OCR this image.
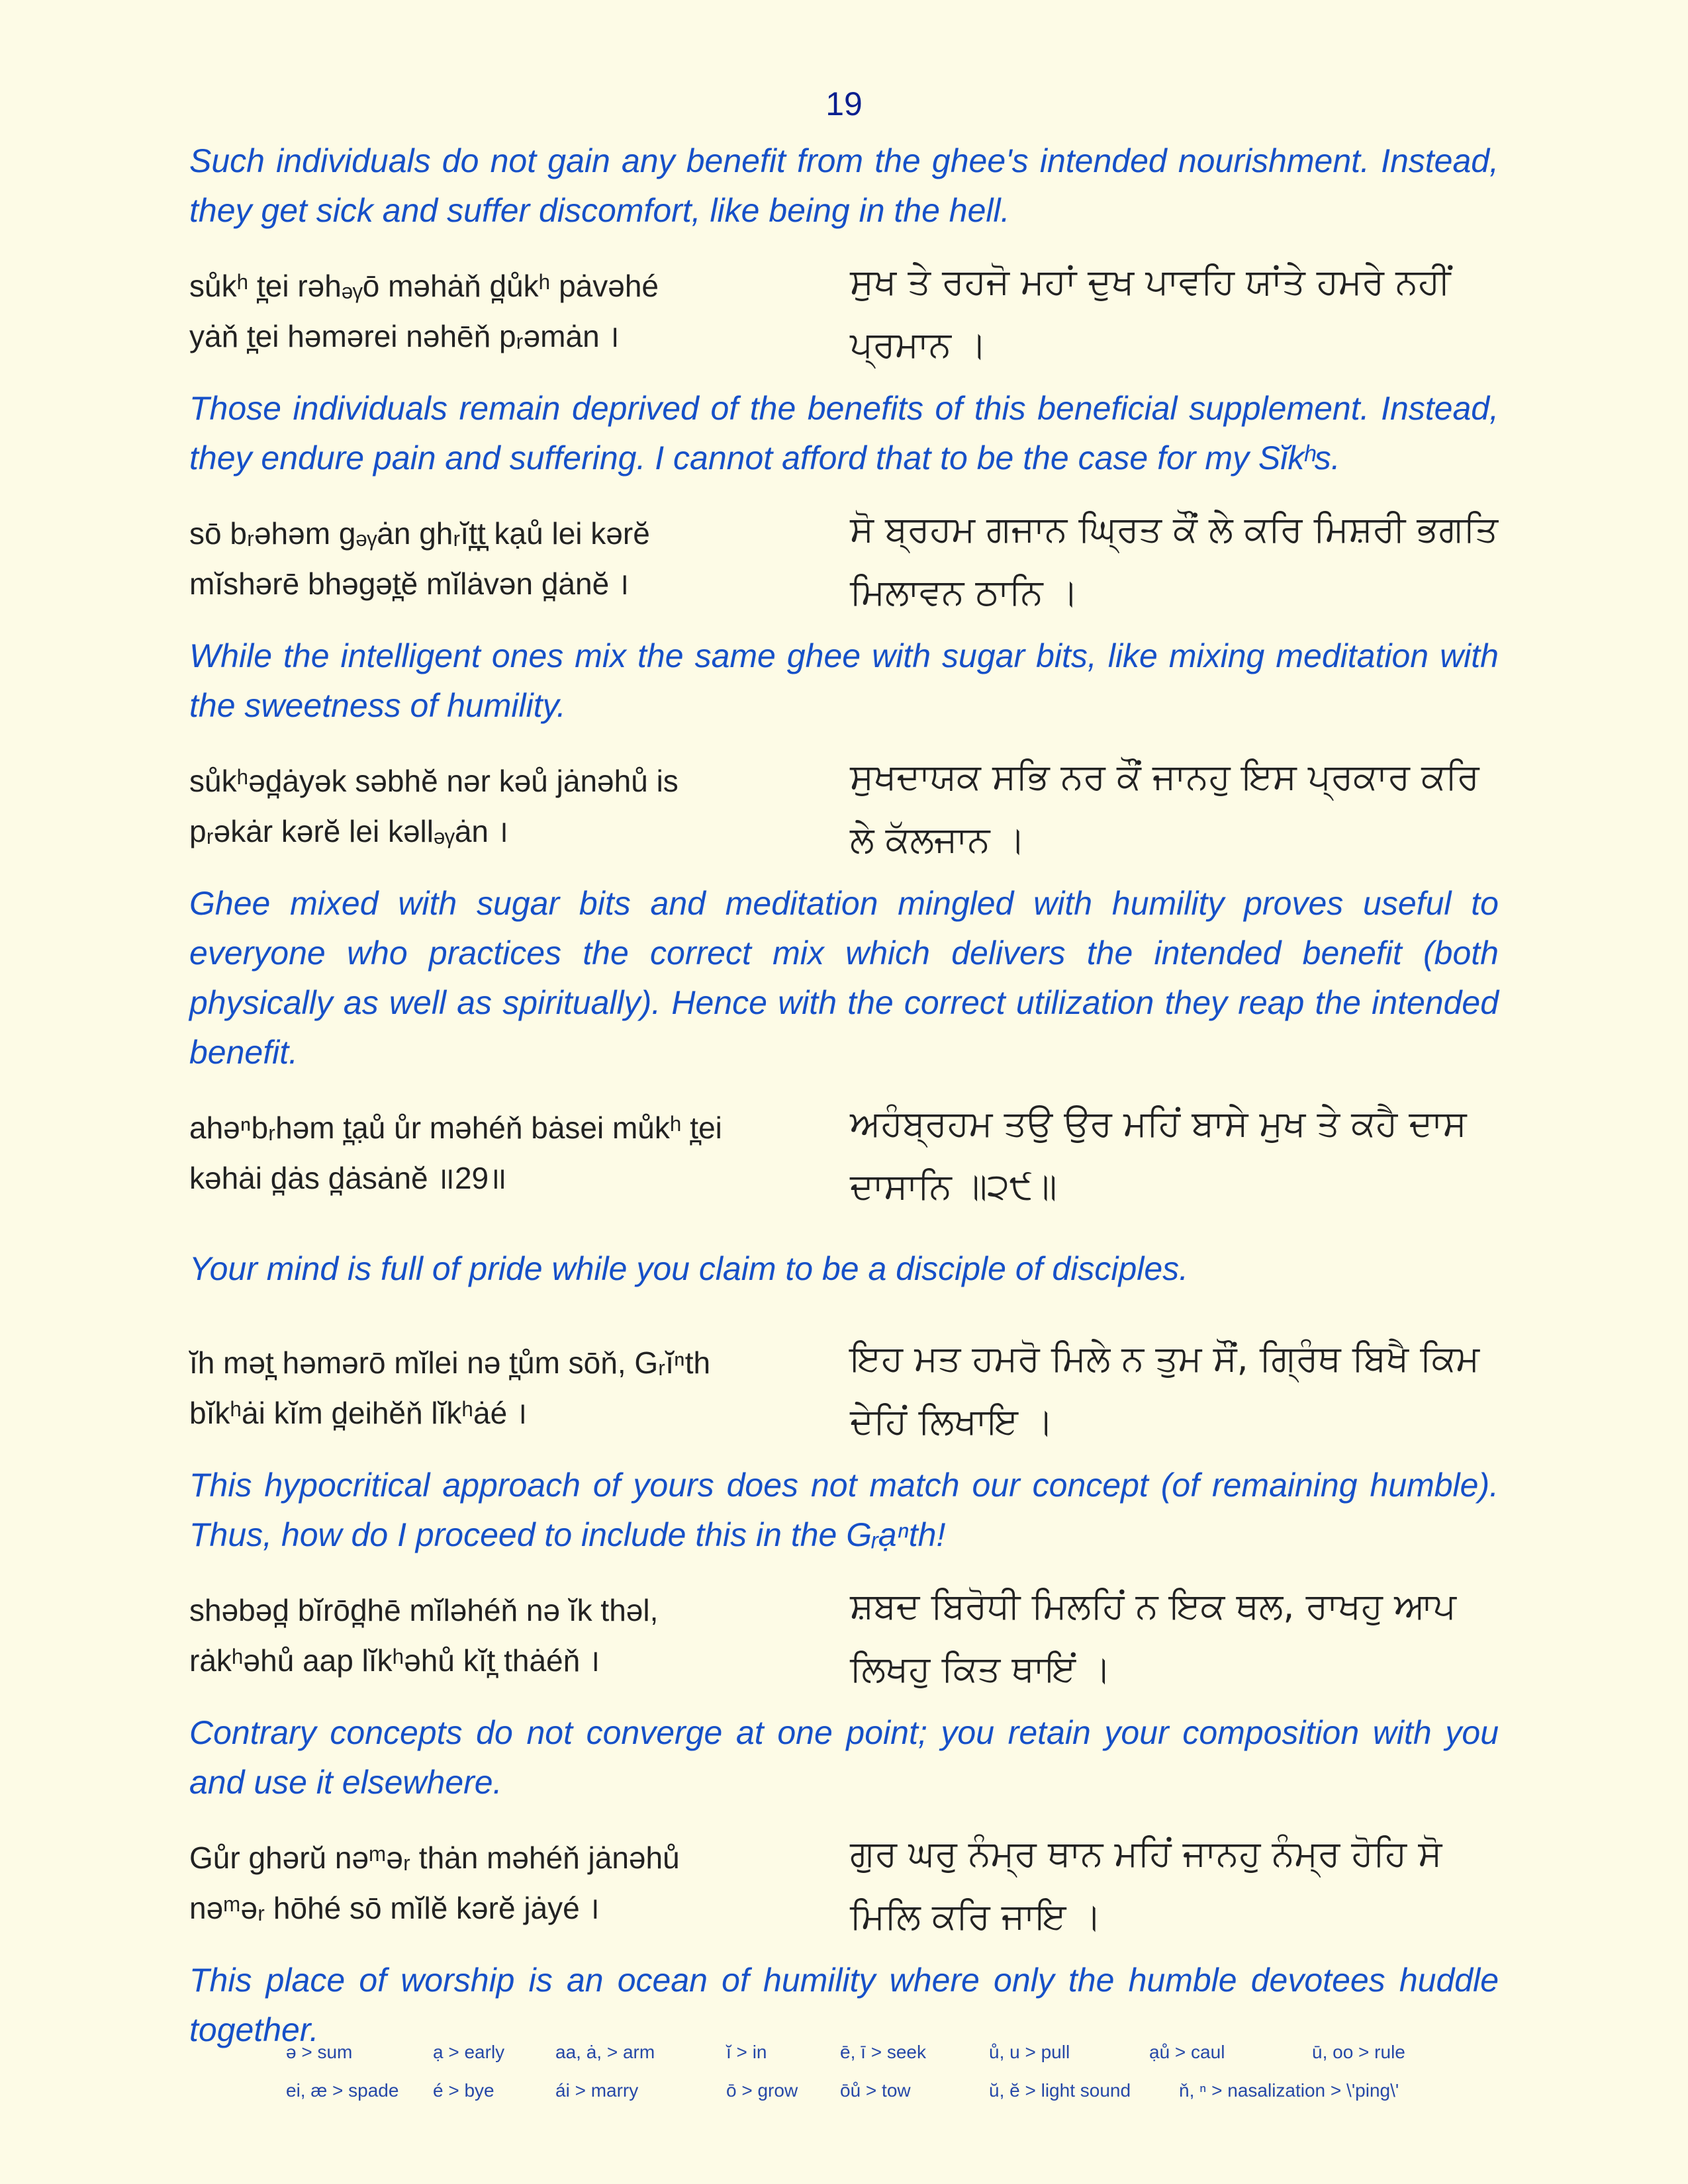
19

Such individuals do not gain any benefit from the ghee's intended nourishment. Instead, they get sick and suffer discomfort, like being in the hell.

sůkʰ t̪ei rəhₔᵧō məhȧň d̪ůkʰ pȧvəhé
yȧň t̪ei həmərei nəhēň pᵣəmȧn ।
ਸੁਖ ਤੇ ਰਹਜੋ ਮਹਾਂ ਦੁਖ ਪਾਵਹਿ ਯਾਂਤੇ ਹਮਰੇ ਨਹੀਂ ਪ੍ਰਮਾਨ ।

Those individuals remain deprived of the benefits of this beneficial supplement. Instead, they endure pain and suffering. I cannot afford that to be the case for my Sĭkʰs.

sō bᵣəhəm gₔᵧȧn ghᵣĭt̪t̪ kạů lei kərĕ
mĭshərē bhəgət̪ĕ mĭlȧvən d̪ȧnĕ ।
ਸੋ ਬ੍ਰਹਮ ਗਜਾਨ ਘ੍ਰਿਤ ਕੌਂ ਲੇ ਕਰਿ ਮਿਸ਼ਰੀ ਭਗਤਿ ਮਿਲਾਵਨ ਠਾਨਿ ।

While the intelligent ones mix the same ghee with sugar bits, like mixing meditation with the sweetness of humility.

sůkʰəd̪ȧyək səbhĕ nər kəů jȧnəhů is
pᵣəkȧr kərĕ lei kəllₔᵧȧn ।
ਸੁਖਦਾਯਕ ਸਭਿ ਨਰ ਕੌਂ ਜਾਨਹੁ ਇਸ ਪ੍ਰਕਾਰ ਕਰਿ ਲੇ ਕੱਲਜਾਨ ।

Ghee mixed with sugar bits and meditation mingled with humility proves useful to everyone who practices the correct mix which delivers the intended benefit (both physically as well as spiritually). Hence with the correct utilization they reap the intended benefit.

ahəⁿbᵣhəm t̪ạů ůr məhéň bȧsei můkʰ t̪ei
kəhȧi d̪ȧs d̪ȧsȧnĕ ॥29॥
ਅਹੰਬ੍ਰਹਮ ਤਉ ਉਰ ਮਹਿਂ ਬਾਸੇ ਮੁਖ ਤੇ ਕਹੈ ਦਾਸ ਦਾਸਾਨਿ ॥੨੯॥

Your mind is full of pride while you claim to be a disciple of disciples.

ĭh mət̪ həmərō mĭlei nə t̪ům sōň, Gᵣĭⁿth
bĭkʰȧi kĭm d̪eihĕň lĭkʰȧé ।
ਇਹ ਮਤ ਹਮਰੋ ਮਿਲੇ ਨ ਤੁਮ ਸੌਂ, ਗ੍ਰਿੰਥ ਬਿਖੈ ਕਿਮ ਦੇਹਿਂ ਲਿਖਾਇ ।

This hypocritical approach of yours does not match our concept (of remaining humble). Thus, how do I proceed to include this in the Gᵣạⁿth!

shəbəd̪ bĭrōd̪hē mĭləhéň nə ĭk thəl,
rȧkʰəhů aap lĭkʰəhů kĭt̪ thȧéň ।
ਸ਼ਬਦ ਬਿਰੋਧੀ ਮਿਲਹਿਂ ਨ ਇਕ ਥਲ, ਰਾਖਹੁ ਆਪ ਲਿਖਹੁ ਕਿਤ ਥਾਇਂ ।

Contrary concepts do not converge at one point; you retain your composition with you and use it elsewhere.

Gůr ghərŭ nəᵐəᵣ thȧn məhéň jȧnəhů
nəᵐəᵣ hōhé sō mĭlĕ kərĕ jȧyé ।
ਗੁਰ ਘਰੁ ਨੰਮ੍ਰ ਥਾਨ ਮਹਿਂ ਜਾਨਹੁ ਨੰਮ੍ਰ ਹੋਹਿ ਸੋ ਮਿਲਿ ਕਰਿ ਜਾਇ ।

This place of worship is an ocean of humility where only the humble devotees huddle together.

ə > sum	ạ > early	aa, ȧ, > arm	ĭ > in	ē, ī > seek	ů, u > pull	ạů > caul	ū, oo > rule
ei, æ > spade	é > bye	ái > marry	ō > grow	ōů > tow	ŭ, ĕ > light sound	ň, ⁿ > nasalization > \'ping\'
